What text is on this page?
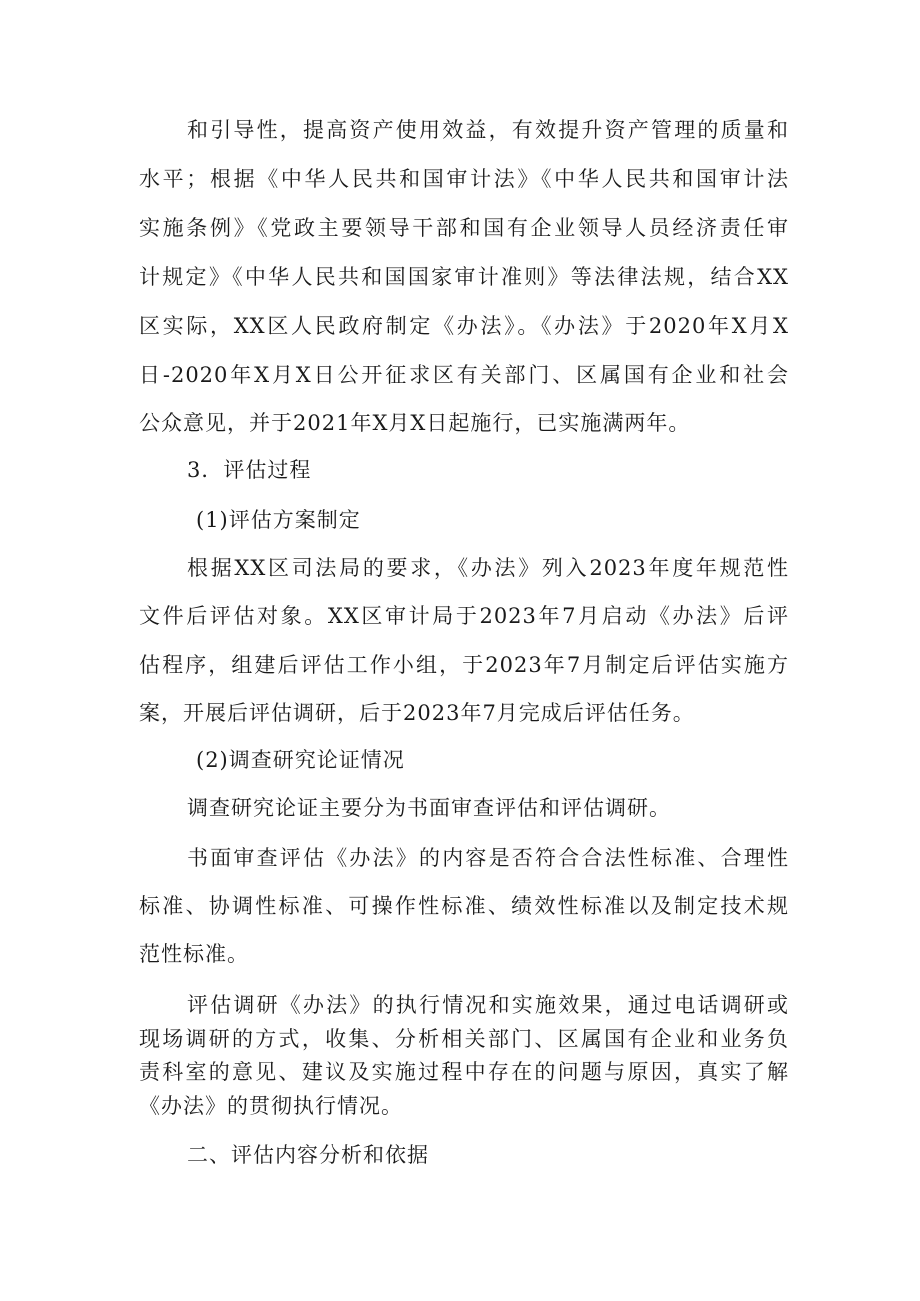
和引导性，提高资产使用效益，有效提升资产管理的质量和
水平；根据《中华人民共和国审计法》《中华人民共和国审计法
实施条例》《党政主要领导干部和国有企业领导人员经济责任审
计规定》《中华人民共和国国家审计准则》等法律法规，结合XX
区实际，XX区人民政府制定《办法》。《办法》于2020年X月X
日-2020年X月X日公开征求区有关部门、区属国有企业和社会
公众意见，并于2021年X月X日起施行，已实施满两年。
3．评估过程
(1)评估方案制定
根据XX区司法局的要求，《办法》列入2023年度年规范性
文件后评估对象。XX区审计局于2023年7月启动《办法》后评
估程序，组建后评估工作小组，于2023年7月制定后评估实施方
案，开展后评估调研，后于2023年7月完成后评估任务。
(2)调查研究论证情况
调查研究论证主要分为书面审查评估和评估调研。
书面审查评估《办法》的内容是否符合合法性标准、合理性
标准、协调性标准、可操作性标准、绩效性标准以及制定技术规
范性标准。
评估调研《办法》的执行情况和实施效果，通过电话调研或
现场调研的方式，收集、分析相关部门、区属国有企业和业务负
责科室的意见、建议及实施过程中存在的问题与原因，真实了解
《办法》的贯彻执行情况。
二、评估内容分析和依据
